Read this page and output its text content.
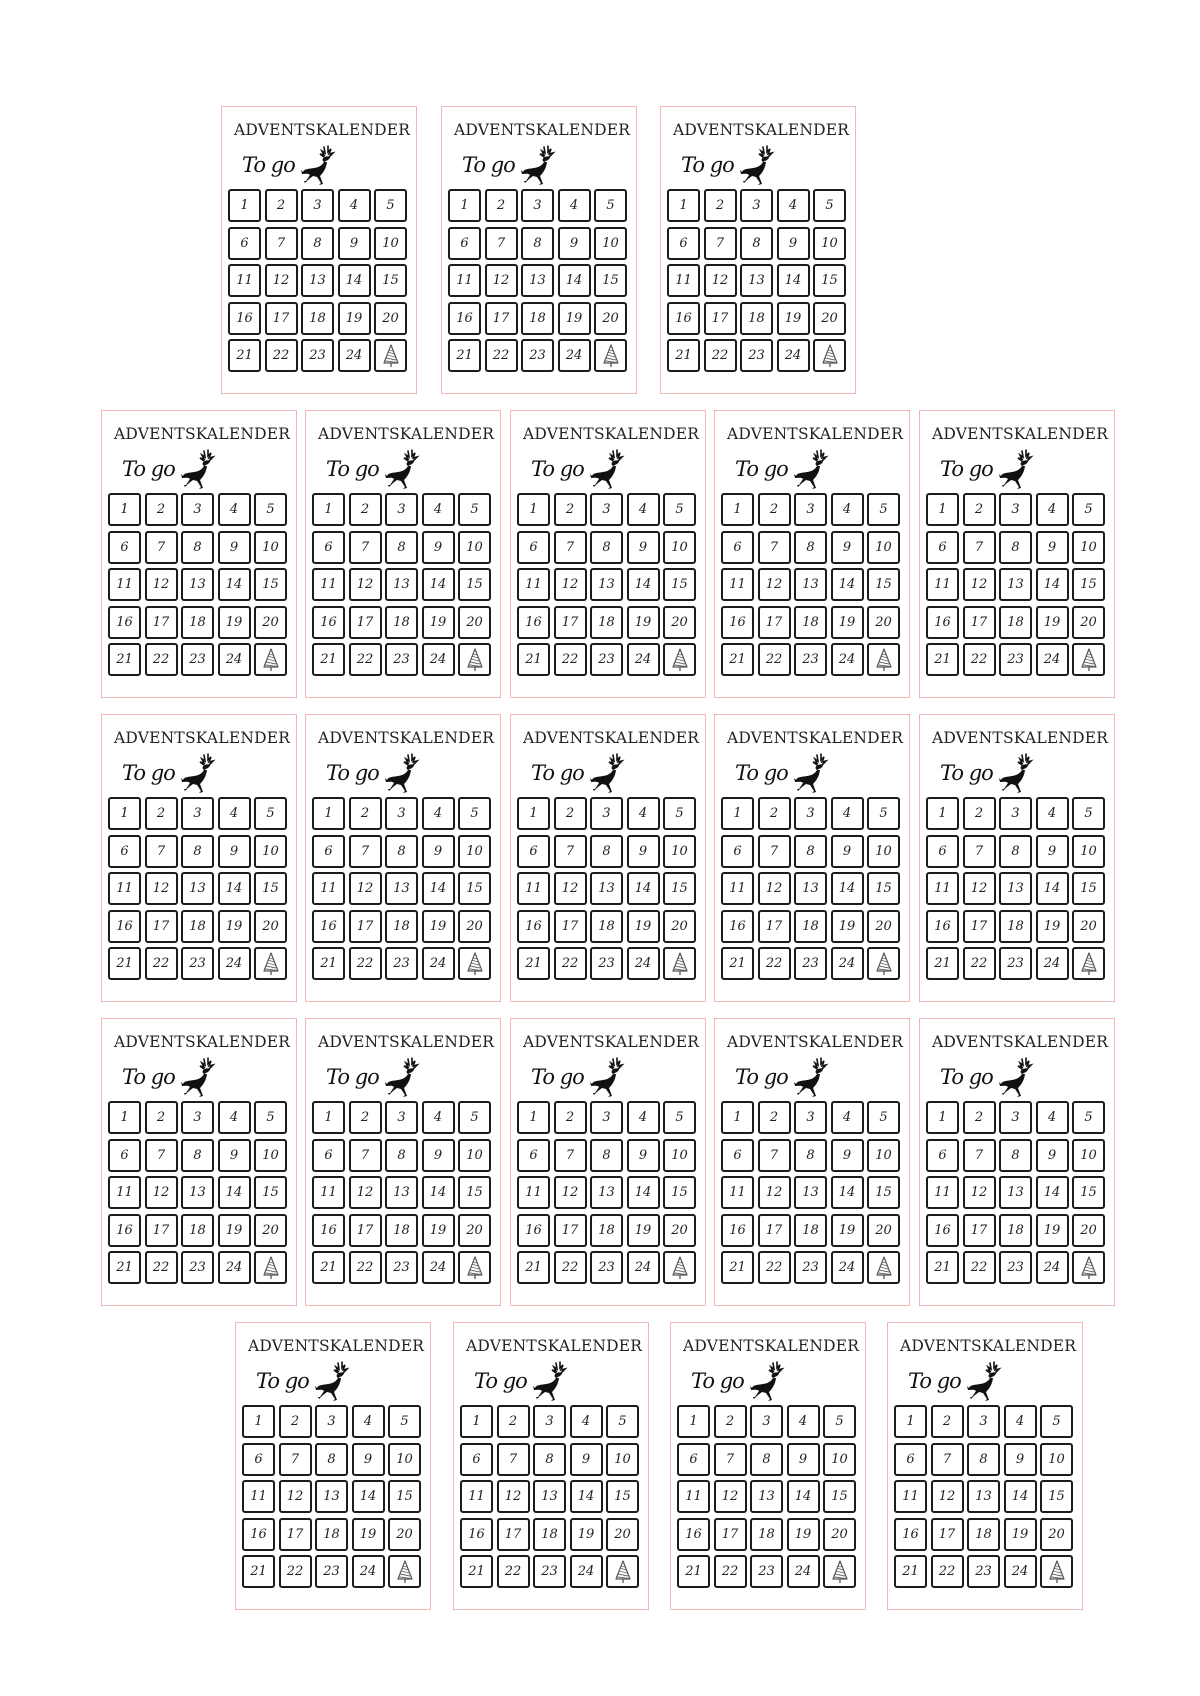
ADVENTSKALENDER
To go
1	2	3	4	5
6	7	8	9	10
11	12	13	14	15
16	17	18	19	20
21	22	23	24
ADVENTSKALENDER
To go
1	2	3	4	5
6	7	8	9	10
11	12	13	14	15
16	17	18	19	20
21	22	23	24
ADVENTSKALENDER
To go
1	2	3	4	5
6	7	8	9	10
11	12	13	14	15
16	17	18	19	20
21	22	23	24
ADVENTSKALENDER
To go
1	2	3	4	5
6	7	8	9	10
11	12	13	14	15
16	17	18	19	20
21	22	23	24
ADVENTSKALENDER
To go
1	2	3	4	5
6	7	8	9	10
11	12	13	14	15
16	17	18	19	20
21	22	23	24
ADVENTSKALENDER
To go
1	2	3	4	5
6	7	8	9	10
11	12	13	14	15
16	17	18	19	20
21	22	23	24
ADVENTSKALENDER
To go
1	2	3	4	5
6	7	8	9	10
11	12	13	14	15
16	17	18	19	20
21	22	23	24
ADVENTSKALENDER
To go
1	2	3	4	5
6	7	8	9	10
11	12	13	14	15
16	17	18	19	20
21	22	23	24
ADVENTSKALENDER
To go
1	2	3	4	5
6	7	8	9	10
11	12	13	14	15
16	17	18	19	20
21	22	23	24
ADVENTSKALENDER
To go
1	2	3	4	5
6	7	8	9	10
11	12	13	14	15
16	17	18	19	20
21	22	23	24
ADVENTSKALENDER
To go
1	2	3	4	5
6	7	8	9	10
11	12	13	14	15
16	17	18	19	20
21	22	23	24
ADVENTSKALENDER
To go
1	2	3	4	5
6	7	8	9	10
11	12	13	14	15
16	17	18	19	20
21	22	23	24
ADVENTSKALENDER
To go
1	2	3	4	5
6	7	8	9	10
11	12	13	14	15
16	17	18	19	20
21	22	23	24
ADVENTSKALENDER
To go
1	2	3	4	5
6	7	8	9	10
11	12	13	14	15
16	17	18	19	20
21	22	23	24
ADVENTSKALENDER
To go
1	2	3	4	5
6	7	8	9	10
11	12	13	14	15
16	17	18	19	20
21	22	23	24
ADVENTSKALENDER
To go
1	2	3	4	5
6	7	8	9	10
11	12	13	14	15
16	17	18	19	20
21	22	23	24
ADVENTSKALENDER
To go
1	2	3	4	5
6	7	8	9	10
11	12	13	14	15
16	17	18	19	20
21	22	23	24
ADVENTSKALENDER
To go
1	2	3	4	5
6	7	8	9	10
11	12	13	14	15
16	17	18	19	20
21	22	23	24
ADVENTSKALENDER
To go
1	2	3	4	5
6	7	8	9	10
11	12	13	14	15
16	17	18	19	20
21	22	23	24
ADVENTSKALENDER
To go
1	2	3	4	5
6	7	8	9	10
11	12	13	14	15
16	17	18	19	20
21	22	23	24
ADVENTSKALENDER
To go
1	2	3	4	5
6	7	8	9	10
11	12	13	14	15
16	17	18	19	20
21	22	23	24
ADVENTSKALENDER
To go
1	2	3	4	5
6	7	8	9	10
11	12	13	14	15
16	17	18	19	20
21	22	23	24
